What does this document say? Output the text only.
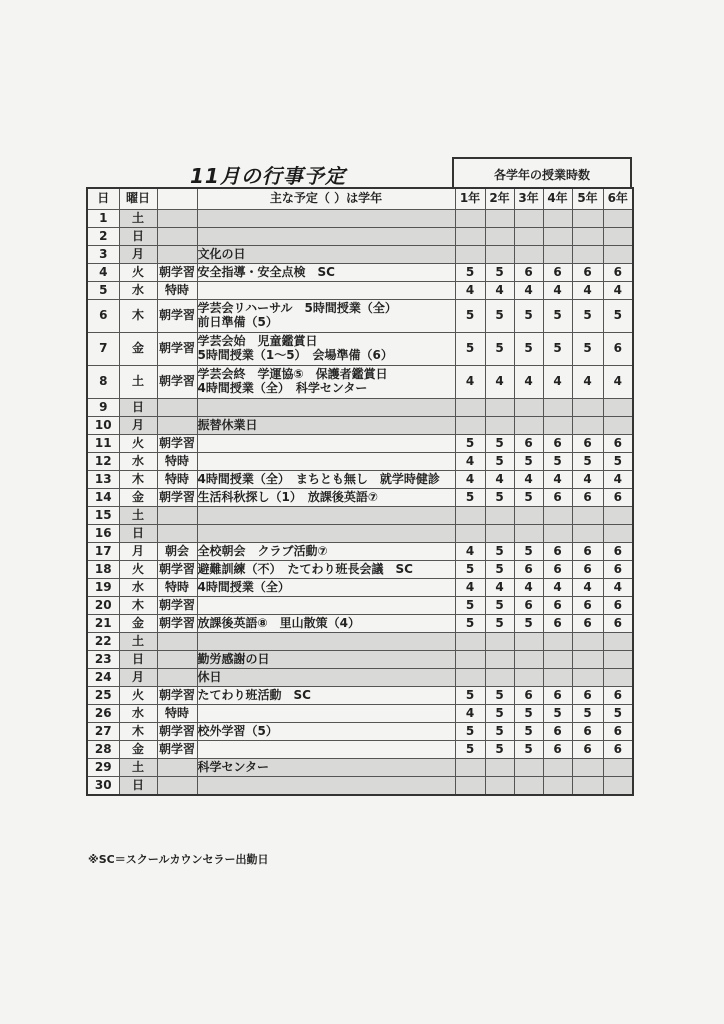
11月の行事予定	各学年の授業時数
日	曜日		主な予定（ ）は学年	1年	2年	3年	4年	5年	6年
1	土								
2	日								
3	月		文化の日						

4	火	朝学習	安全指導・安全点検　SC	5	5	6	6	6	6
5	水	特時		4	4	4	4	4	4
6	木	朝学習	学芸会リハーサル　5時間授業（全）
前日準備（5）	5	5	5	5	5	5
7	金	朝学習	学芸会始　児童鑑賞日
5時間授業（1～5）　会場準備（6）	5	5	5	5	5	6
8	土	朝学習	学芸会終　学運協⑤　保護者鑑賞日
4時間授業（全）　科学センター	4	4	4	4	4	4
9	日								
10	月		振替休業日						

11	火	朝学習		5	5	6	6	6	6
12	水	特時		4	5	5	5	5	5
13	木	特時	4時間授業（全）　まちとも無し　就学時健診	4	4	4	4	4	4
14	金	朝学習	生活科秋探し（1）　放課後英語⑦	5	5	5	6	6	6
15	土								
16	日								
17	月	朝会	全校朝会　クラブ活動⑦	4	5	5	6	6	6
18	火	朝学習	避難訓練（不）　たてわり班長会議　SC	5	5	6	6	6	6
19	水	特時	4時間授業（全）	4	4	4	4	4	4
20	木	朝学習		5	5	6	6	6	6
21	金	朝学習	放課後英語⑧　里山散策（4）	5	5	5	6	6	6
22	土								
23	日		勤労感謝の日						

24	月		休日						

25	火	朝学習	たてわり班活動　SC	5	5	6	6	6	6
26	水	特時		4	5	5	5	5	5
27	木	朝学習	校外学習（5）	5	5	5	6	6	6
28	金	朝学習		5	5	5	6	6	6
29	土		科学センター						

30	日								
※SC＝スクールカウンセラー出勤日
